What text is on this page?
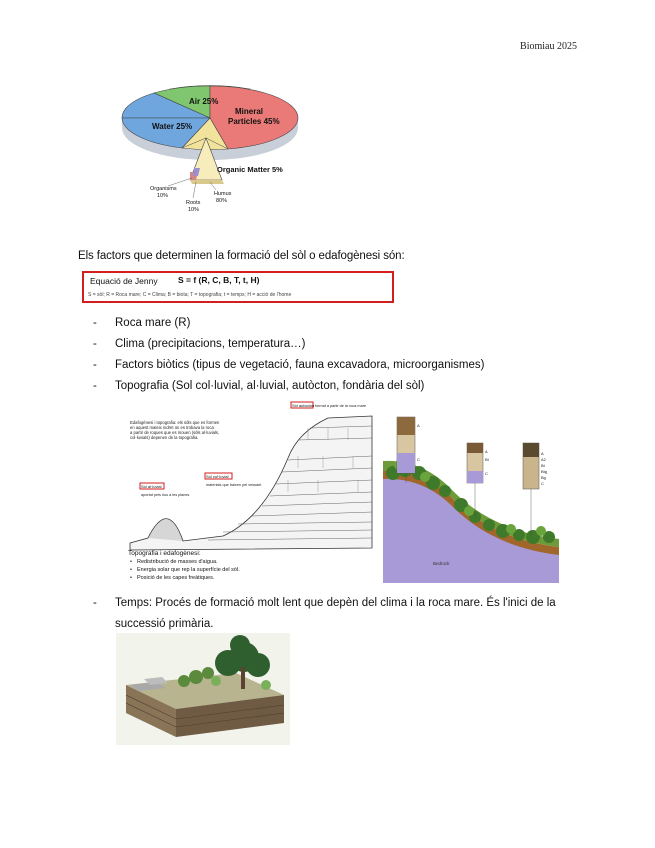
Biomiau 2025
Air 25%
Water 25%
Mineral
Particles 45%
Organic Matter 5%
Organisms
10%
Roots
10%
Humus
80%
Els factors que determinen la formació del sòl o edafogènesi són:
Equació de Jenny S = f (R, C, B, T, t, H)
S = sòl; R = Roca mare; C = Clima; B = biota; T = topografia; t = temps; H = acció de l'home
- Roca mare (R)
- Clima (precipitacions, temperatura…)
- Factors biòtics (tipus de vegetació, fauna excavadora, microorganismes)
- Topografia (Sol col·luvial, al·luvial, autòcton, fondària del sòl)
Edafogènesi i topografia: els sòls que es formen
en aquest mateix indret on es trobava la roca
a partir de roques que es mouen (sòls al·luvials,
col·luvials) depenen de la topografia.
Sòl autòcton format a partir de la roca mare
Sòl col·luvial
materials que baixen pel vessant
Sòl al·luvial
aportat pels rius a les planes
Topografia i edafogènesi:
• Redistribució de masses d'aigua.
• Energia solar que rep la superfície del sòl.
• Posició de les capes freàtiques.
A
C
A
Bt
C
A
A2
Bt
Btg
Bg
C
Bedrock
-	Temps: Procés de formació molt lent que depèn del clima i la roca mare. És l'inici de la successió primària.
